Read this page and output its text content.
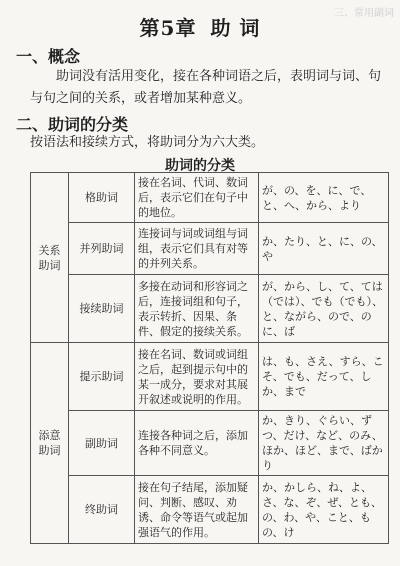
三、常用副词
第5章 助 词
一、概念
助词没有活用变化，接在各种词语之后，表明词与词、句与句之间的关系，或者增加某种意义。
二、助词的分类
按语法和接续方式，将助词分为六大类。
助词的分类
关系助词	格助词	接在名词、代词、数词后，表示它们在句子中的地位。	が、の、を、に、で、と、へ、から、より
	并列助词	连接词与词或词组与词组，表示它们具有对等的并列关系。	か、たり、と、に、の、や
	接续助词	多接在动词和形容词之后，连接词组和句子，表示转折、因果、条件、假定的接续关系。	が、から、し、て、ては（では）、でも（でも）、と、ながら、ので、のに、ば
添意助词	提示助词	接在名词、数词或词组之后，起到提示句中的某一成分，要求对其展开叙述或说明的作用。	は、も、さえ、すら、こそ、でも、だって、しか、まで
	副助词	连接各种词之后，添加各种不同意义。	か、きり、ぐらい、ずつ、だけ、など、のみ、ほか、ほど、まで、ばかり
	终助词	接在句子结尾，添加疑问、判断、感叹、劝诱、命令等语气或起加强语气的作用。	か、かしら、ね、よ、さ、な、ぞ、ぜ、とも、の、わ、や、こと、もの、け
